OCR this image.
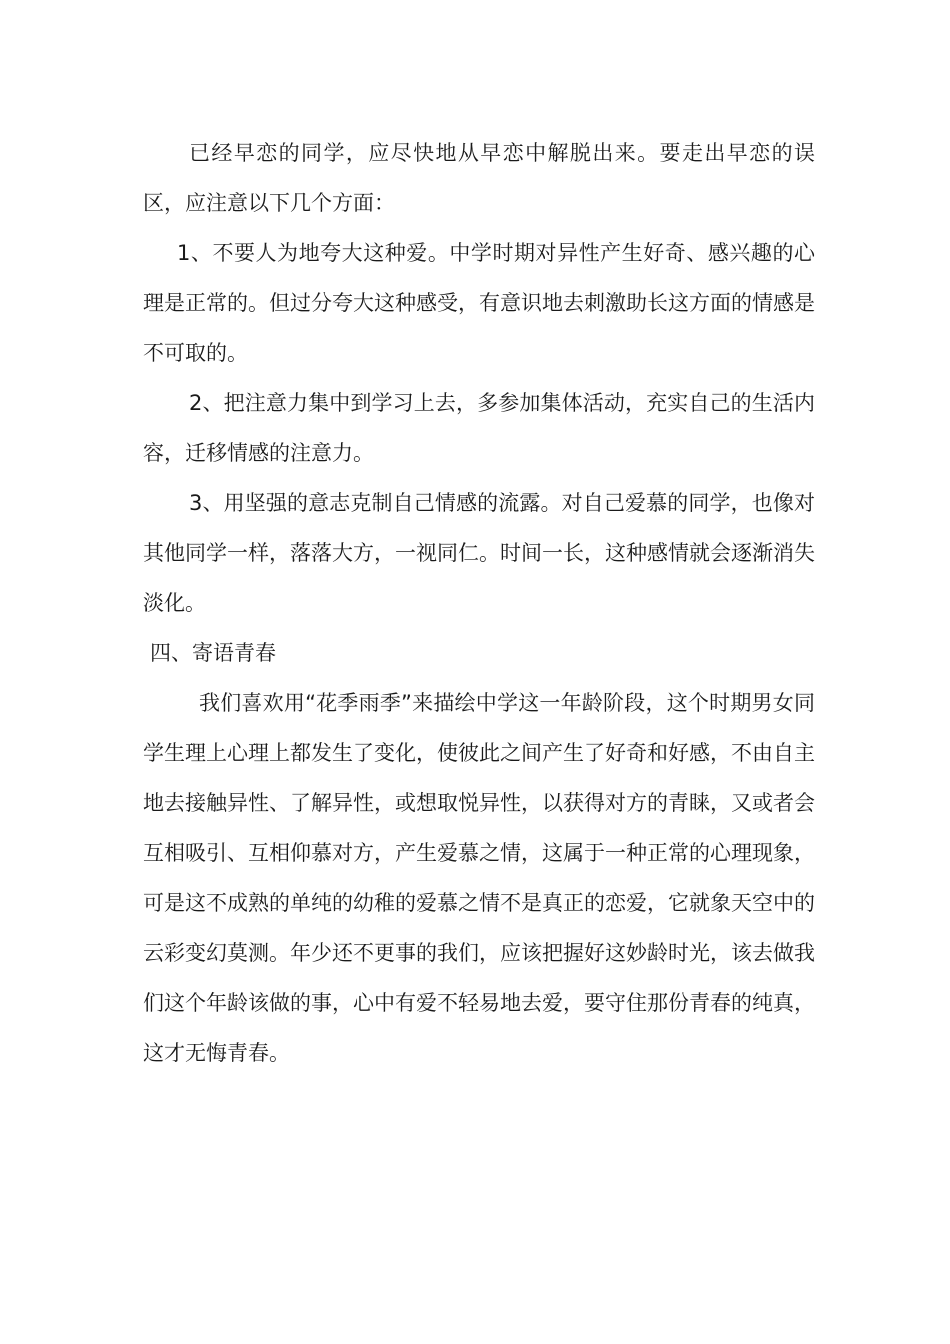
已经早恋的同学，应尽快地从早恋中解脱出来。要走出早恋的误区，应注意以下几个方面：

1、不要人为地夸大这种爱。中学时期对异性产生好奇、感兴趣的心理是正常的。但过分夸大这种感受，有意识地去刺激助长这方面的情感是不可取的。

2、把注意力集中到学习上去，多参加集体活动，充实自己的生活内容，迁移情感的注意力。

3、用坚强的意志克制自己情感的流露。对自己爱慕的同学，也像对其他同学一样，落落大方，一视同仁。时间一长，这种感情就会逐渐消失淡化。

四、寄语青春

我们喜欢用“花季雨季”来描绘中学这一年龄阶段，这个时期男女同学生理上心理上都发生了变化，使彼此之间产生了好奇和好感，不由自主地去接触异性、了解异性，或想取悦异性，以获得对方的青睐，又或者会互相吸引、互相仰慕对方，产生爱慕之情，这属于一种正常的心理现象，可是这不成熟的单纯的幼稚的爱慕之情不是真正的恋爱，它就象天空中的云彩变幻莫测。年少还不更事的我们，应该把握好这妙龄时光，该去做我们这个年龄该做的事，心中有爱不轻易地去爱，要守住那份青春的纯真，这才无悔青春。
